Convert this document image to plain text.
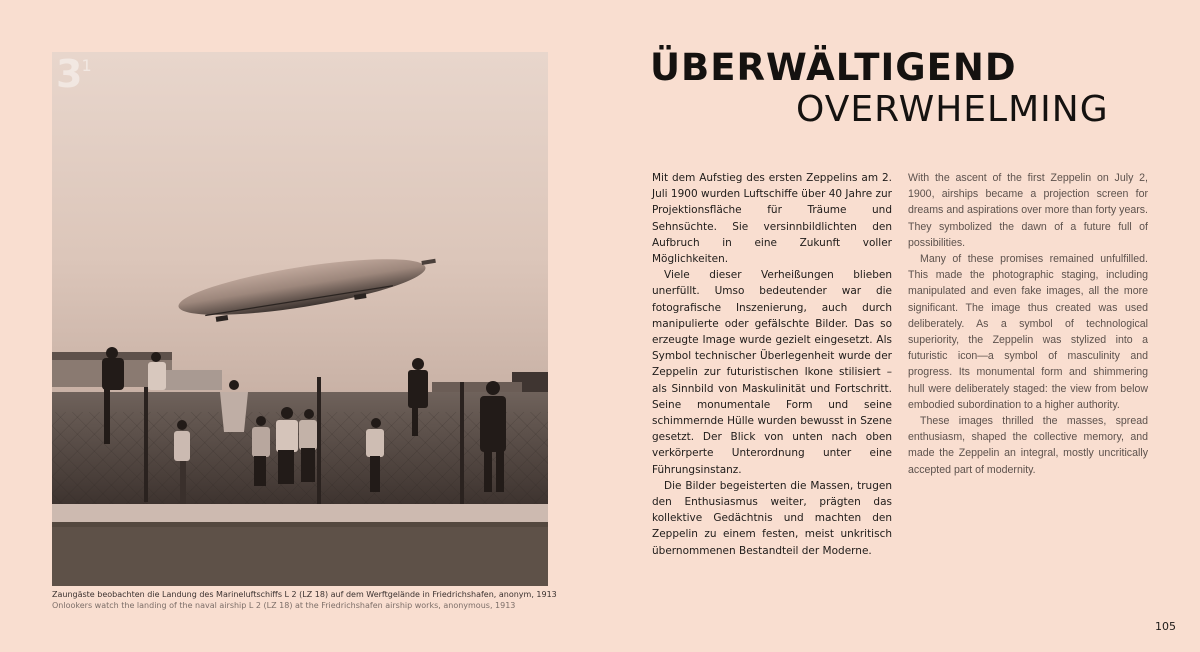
$3^1$
Zaungäste beobachten die Landung des Marineluftschiffs L 2 (LZ 18) auf dem Werftgelände in Friedrichshafen, anonym, 1913
Onlookers watch the landing of the naval airship L 2 (LZ 18) at the Friedrichshafen airship works, anonymous, 1913
ÜBERWÄLTIGEND
OVERWHELMING

Mit dem Aufstieg des ersten Zeppelins am 2. Juli 1900 wurden Luftschiffe über 40 Jahre zur Projektionsfläche für Träume und Sehnsüchte. Sie versinnbildlichten den Aufbruch in eine Zukunft voller Möglichkeiten.

Viele dieser Verheißungen blieben unerfüllt. Umso bedeutender war die fotografische Inszenierung, auch durch manipulierte oder gefälschte Bilder. Das so erzeugte Image wurde gezielt eingesetzt. Als Symbol technischer Überlegenheit wurde der Zeppelin zur futuristischen Ikone stilisiert – als Sinnbild von Maskulinität und Fortschritt. Seine monumentale Form und seine schimmernde Hülle wurden bewusst in Szene gesetzt. Der Blick von unten nach oben verkörperte Unterordnung unter eine Führungsinstanz.

Die Bilder begeisterten die Massen, trugen den Enthusiasmus weiter, prägten das kollektive Gedächtnis und machten den Zeppelin zu einem festen, meist unkritisch übernommenen Bestandteil der Moderne.

With the ascent of the first Zeppelin on July 2, 1900, airships became a projection screen for dreams and aspirations over more than forty years. They symbolized the dawn of a future full of possibilities.

Many of these promises remained unfulfilled. This made the photographic staging, including manipulated and even fake images, all the more significant. The image thus created was used deliberately. As a symbol of technological superiority, the Zeppelin was stylized into a futuristic icon—a symbol of masculinity and progress. Its monumental form and shimmering hull were deliberately staged: the view from below embodied subordination to a higher authority.

These images thrilled the masses, spread enthusiasm, shaped the collective memory, and made the Zeppelin an integral, mostly uncritically accepted part of modernity.

105
